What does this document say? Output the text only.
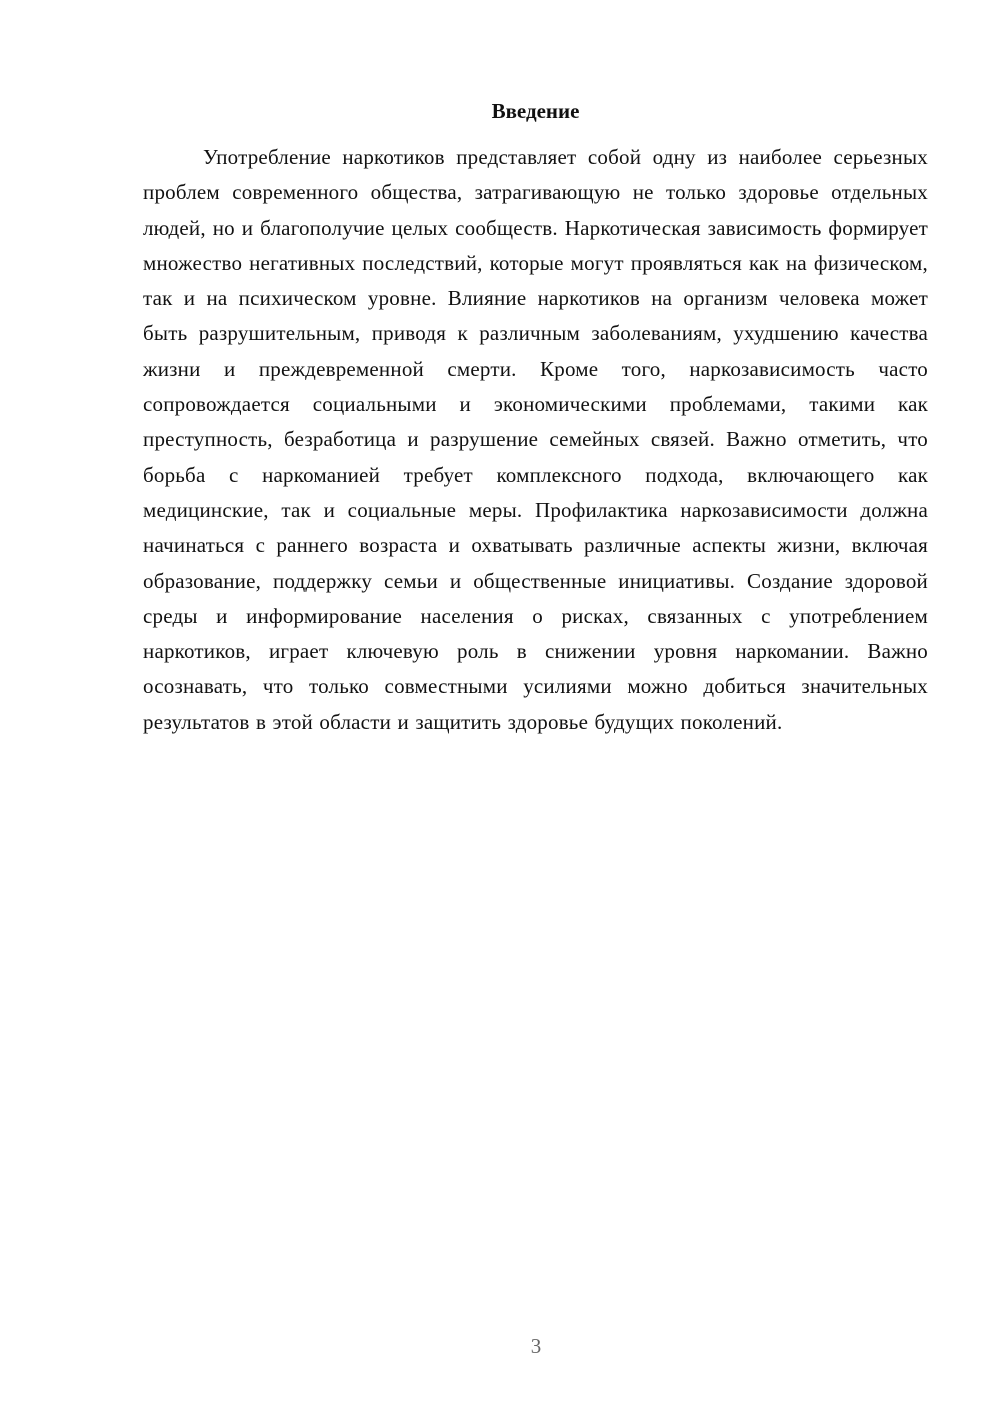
Введение

Употребление наркотиков представляет собой одну из наиболее серьезных проблем современного общества, затрагивающую не только здоровье отдельных людей, но и благополучие целых сообществ. Наркотическая зависимость формирует множество негативных последствий, которые могут проявляться как на физическом, так и на психическом уровне. Влияние наркотиков на организм человека может быть разрушительным, приводя к различным заболеваниям, ухудшению качества жизни и преждевременной смерти. Кроме того, наркозависимость часто сопровождается социальными и экономическими проблемами, такими как преступность, безработица и разрушение семейных связей. Важно отметить, что борьба с наркоманией требует комплексного подхода, включающего как медицинские, так и социальные меры. Профилактика наркозависимости должна начинаться с раннего возраста и охватывать различные аспекты жизни, включая образование, поддержку семьи и общественные инициативы. Создание здоровой среды и информирование населения о рисках, связанных с употреблением наркотиков, играет ключевую роль в снижении уровня наркомании. Важно осознавать, что только совместными усилиями можно добиться значительных результатов в этой области и защитить здоровье будущих поколений.

3
